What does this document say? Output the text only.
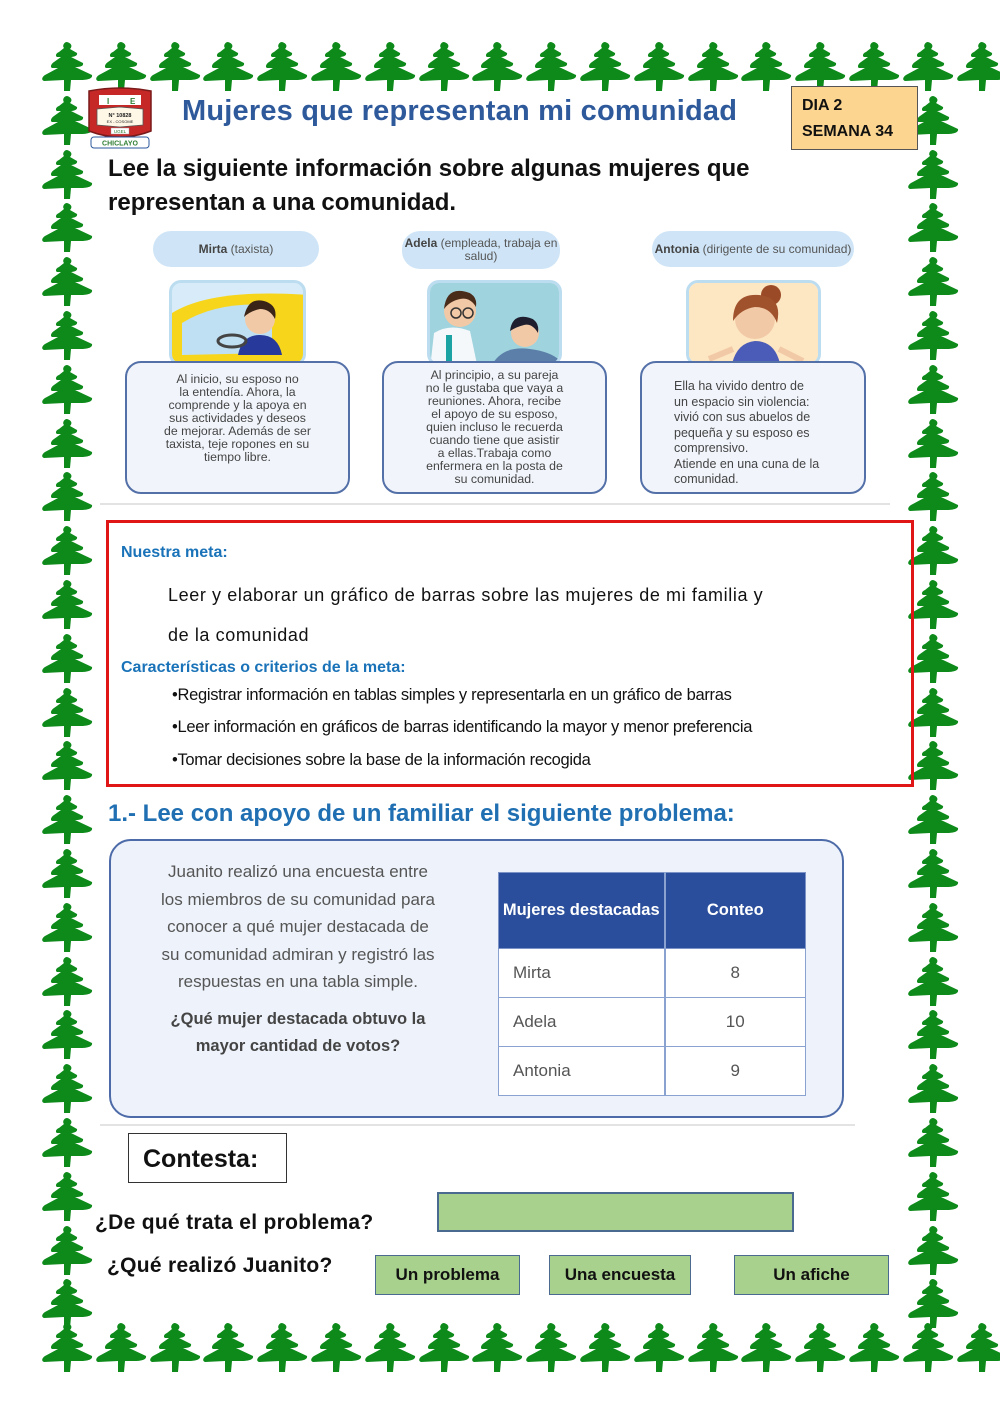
I	E
N° 10828
EX - COSOME
UGEL
CHICLAYO
Mujeres que representan mi comunidad	DIA 2
SEMANA 34
Lee la siguiente información sobre algunas mujeres que representan a una comunidad.
Mirta (taxista)
Al inicio, su esposo no
la entendía. Ahora, la
comprende y la apoya en
sus actividades y deseos
de mejorar. Además de ser
taxista, teje ropones en su
tiempo libre.
Adela (empleada, trabaja en salud)
Al principio, a su pareja
no le gustaba que vaya a
reuniones. Ahora, recibe
el apoyo de su esposo,
quien incluso le recuerda
cuando tiene que asistir
a ellas.Trabaja como
enfermera en la posta de
su comunidad.
Antonia (dirigente de su comunidad)
Ella ha vivido dentro de
un espacio sin violencia:
vivió con sus abuelos de
pequeña y su esposo es
comprensivo.
Atiende en una cuna de la
comunidad.
Nuestra meta:
Leer y elaborar un gráfico de barras sobre las mujeres de mi familia y
de la comunidad
Características o criterios de la meta:
•Registrar información en tablas simples y representarla en un gráfico de barras
•Leer información en gráficos de barras identificando la mayor y menor preferencia
•Tomar decisiones sobre la base de la información recogida
1.- Lee con apoyo de un familiar el siguiente problema:
Juanito realizó una encuesta entre
los miembros de su comunidad para
conocer a qué mujer destacada de
su comunidad admiran y registró las
respuestas en una tabla simple.
¿Qué mujer destacada obtuvo la
mayor cantidad de votos?
Mujeres destacadas	Conteo
Mirta	8
Adela	10
Antonia	9
Contesta:
¿De qué trata el problema?
¿Qué realizó Juanito?	Un problema	Una encuesta	Un afiche
